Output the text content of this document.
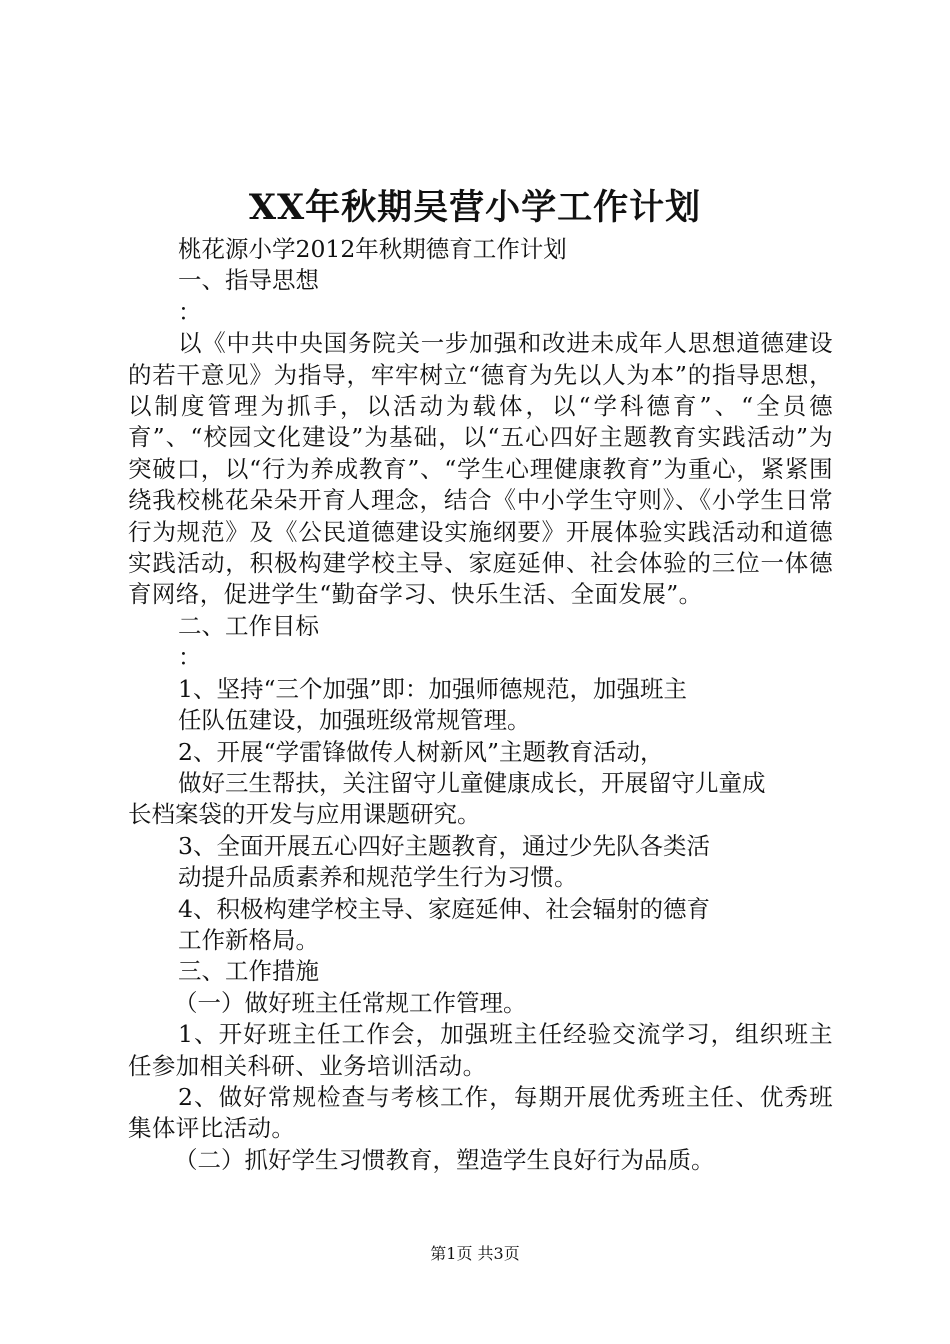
XX年秋期吴营小学工作计划

桃花源小学2012年秋期德育工作计划

一、指导思想

：

以《中共中央国务院关一步加强和改进未成年人思想道德建设的若干意见》为指导，牢牢树立“德育为先以人为本”的指导思想，以制度管理为抓手，以活动为载体，以“学科德育”、“全员德育”、“校园文化建设”为基础，以“五心四好主题教育实践活动”为突破口，以“行为养成教育”、“学生心理健康教育”为重心，紧紧围绕我校桃花朵朵开育人理念，结合《中小学生守则》、《小学生日常行为规范》及《公民道德建设实施纲要》开展体验实践活动和道德实践活动，积极构建学校主导、家庭延伸、社会体验的三位一体德育网络，促进学生“勤奋学习、快乐生活、全面发展”。

二、工作目标

：

1、坚持“三个加强”即：加强师德规范，加强班主

任队伍建设，加强班级常规管理。

2、开展“学雷锋做传人树新风”主题教育活动，

做好三生帮扶，关注留守儿童健康成长，开展留守儿童成

长档案袋的开发与应用课题研究。

3、全面开展五心四好主题教育，通过少先队各类活

动提升品质素养和规范学生行为习惯。

4、积极构建学校主导、家庭延伸、社会辐射的德育

工作新格局。

三、工作措施

（一）做好班主任常规工作管理。

1、开好班主任工作会，加强班主任经验交流学习，组织班主任参加相关科研、业务培训活动。

2、做好常规检查与考核工作，每期开展优秀班主任、优秀班集体评比活动。

（二）抓好学生习惯教育，塑造学生良好行为品质。

第1页 共3页
